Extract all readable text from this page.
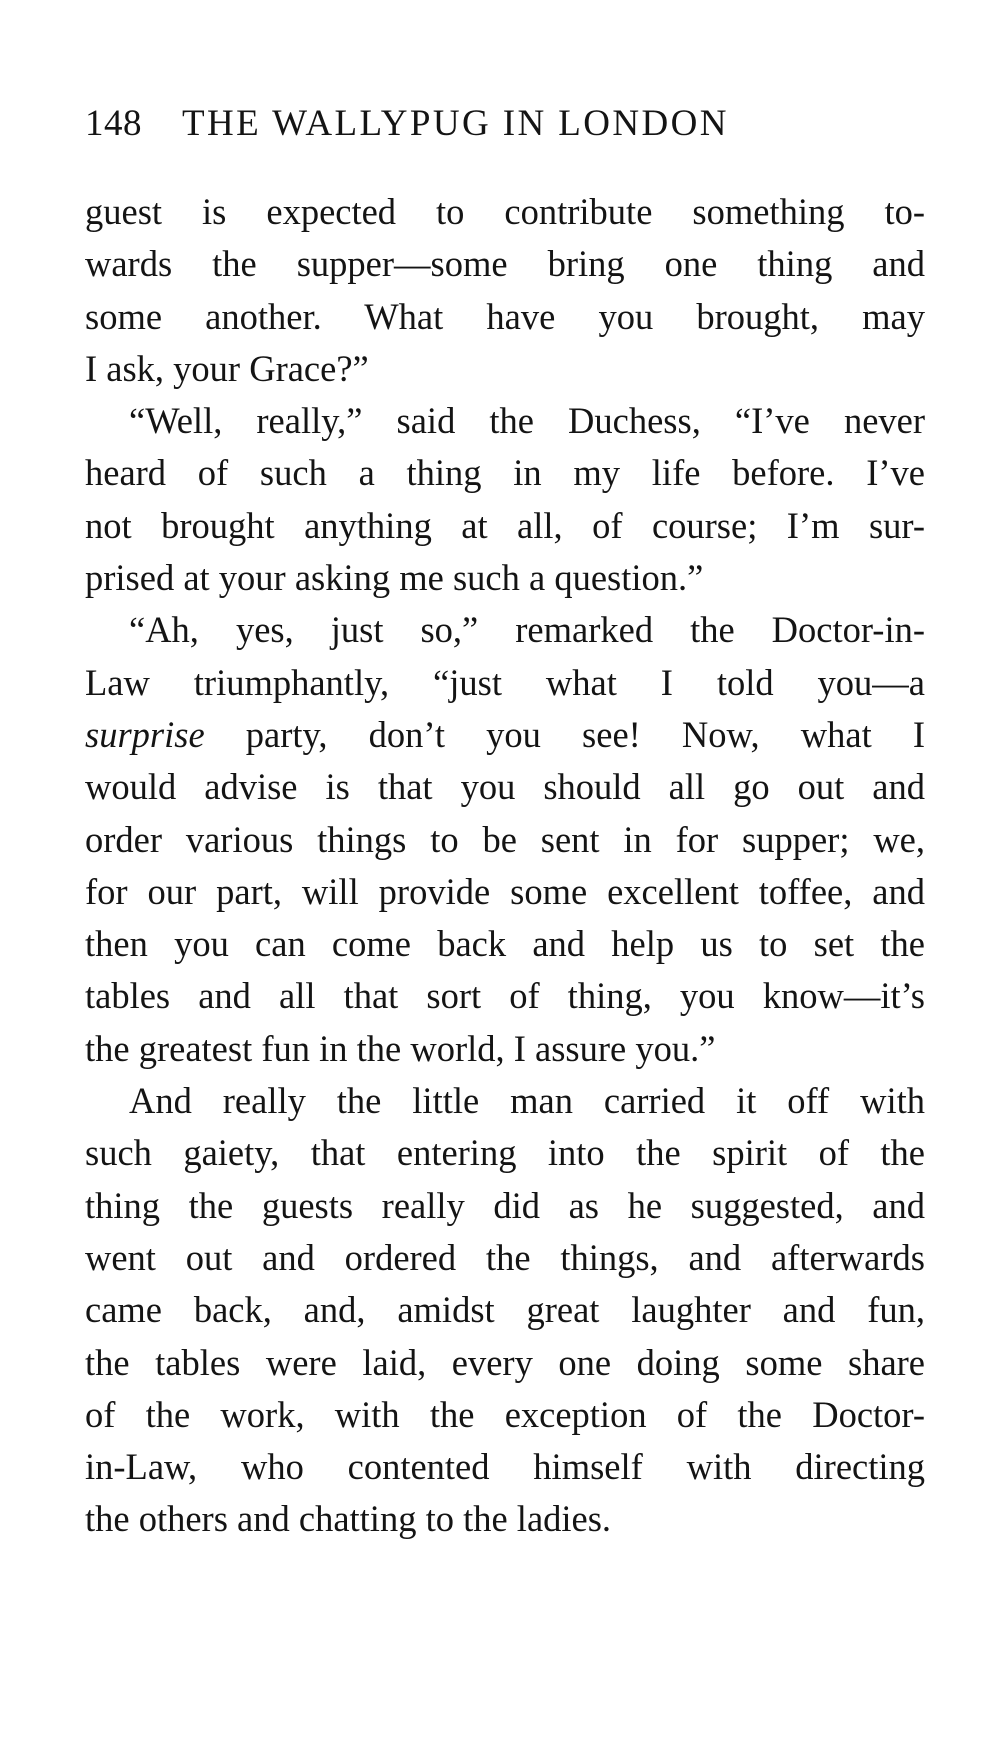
148 THE WALLYPUG IN LONDON
guest is expected to contribute something to-
wards the supper—some bring one thing and
some another. What have you brought, may
I ask, your Grace?”
“Well, really,” said the Duchess, “I’ve never
heard of such a thing in my life before. I’ve
not brought anything at all, of course; I’m sur-
prised at your asking me such a question.”
“Ah, yes, just so,” remarked the Doctor-in-
Law triumphantly, “just what I told you—a
surprise party, don’t you see! Now, what I
would advise is that you should all go out and
order various things to be sent in for supper; we,
for our part, will provide some excellent toffee, and
then you can come back and help us to set the
tables and all that sort of thing, you know—it’s
the greatest fun in the world, I assure you.”
And really the little man carried it off with
such gaiety, that entering into the spirit of the
thing the guests really did as he suggested, and
went out and ordered the things, and afterwards
came back, and, amidst great laughter and fun,
the tables were laid, every one doing some share
of the work, with the exception of the Doctor-
in-Law, who contented himself with directing
the others and chatting to the ladies.
